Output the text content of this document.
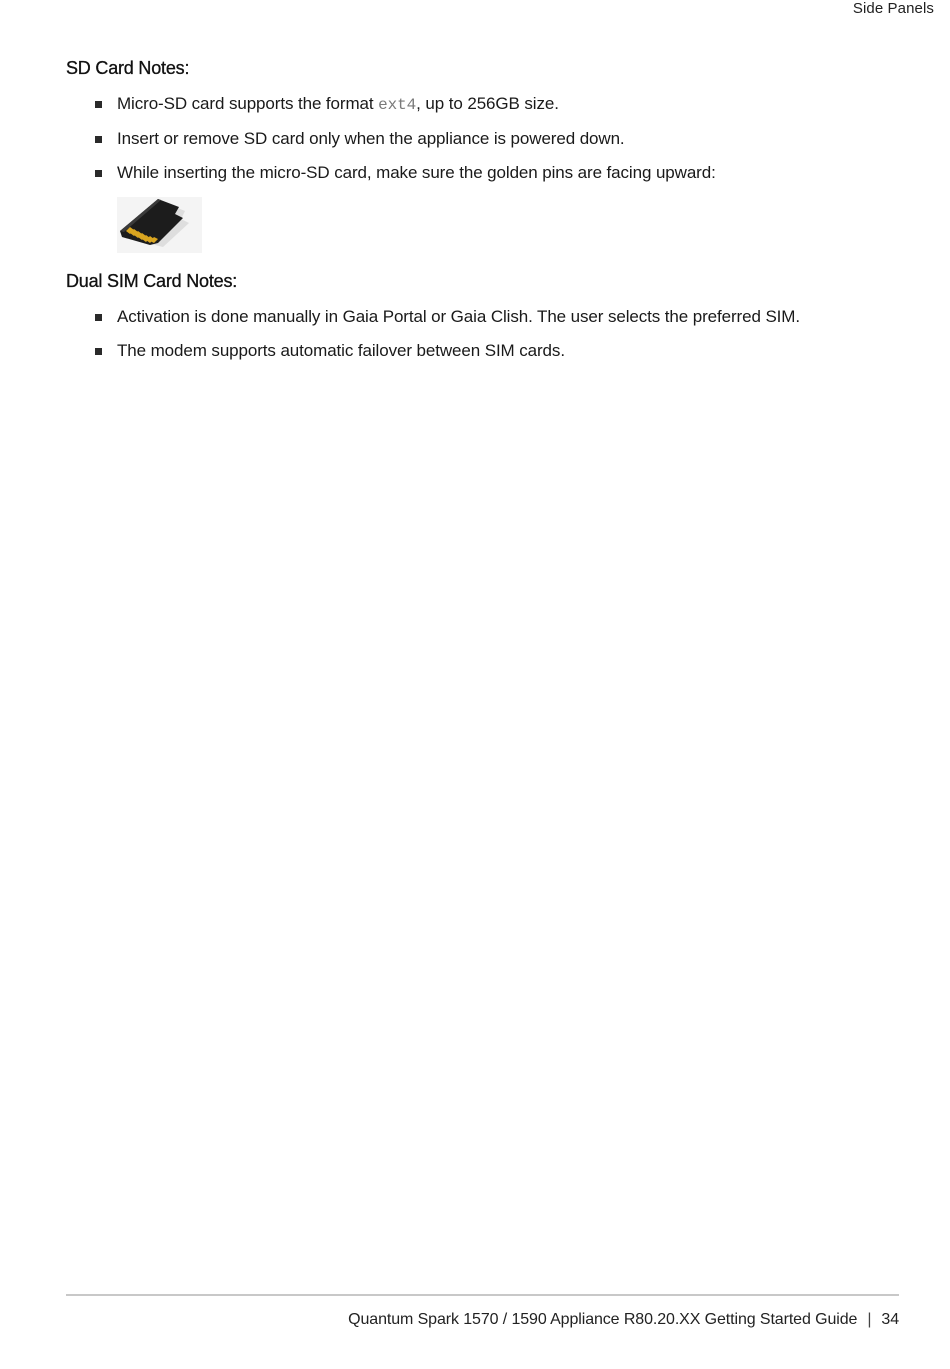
Side Panels
SD Card Notes:
Micro-SD card supports the format ext4, up to 256GB size.
Insert or remove SD card only when the appliance is powered down.
While inserting the micro-SD card, make sure the golden pins are facing upward:
Dual SIM Card Notes:
Activation is done manually in Gaia Portal or Gaia Clish. The user selects the preferred SIM.
The modem supports automatic failover between SIM cards.
Quantum Spark 1570 / 1590 Appliance R80.20.XX Getting Started Guide | 34
